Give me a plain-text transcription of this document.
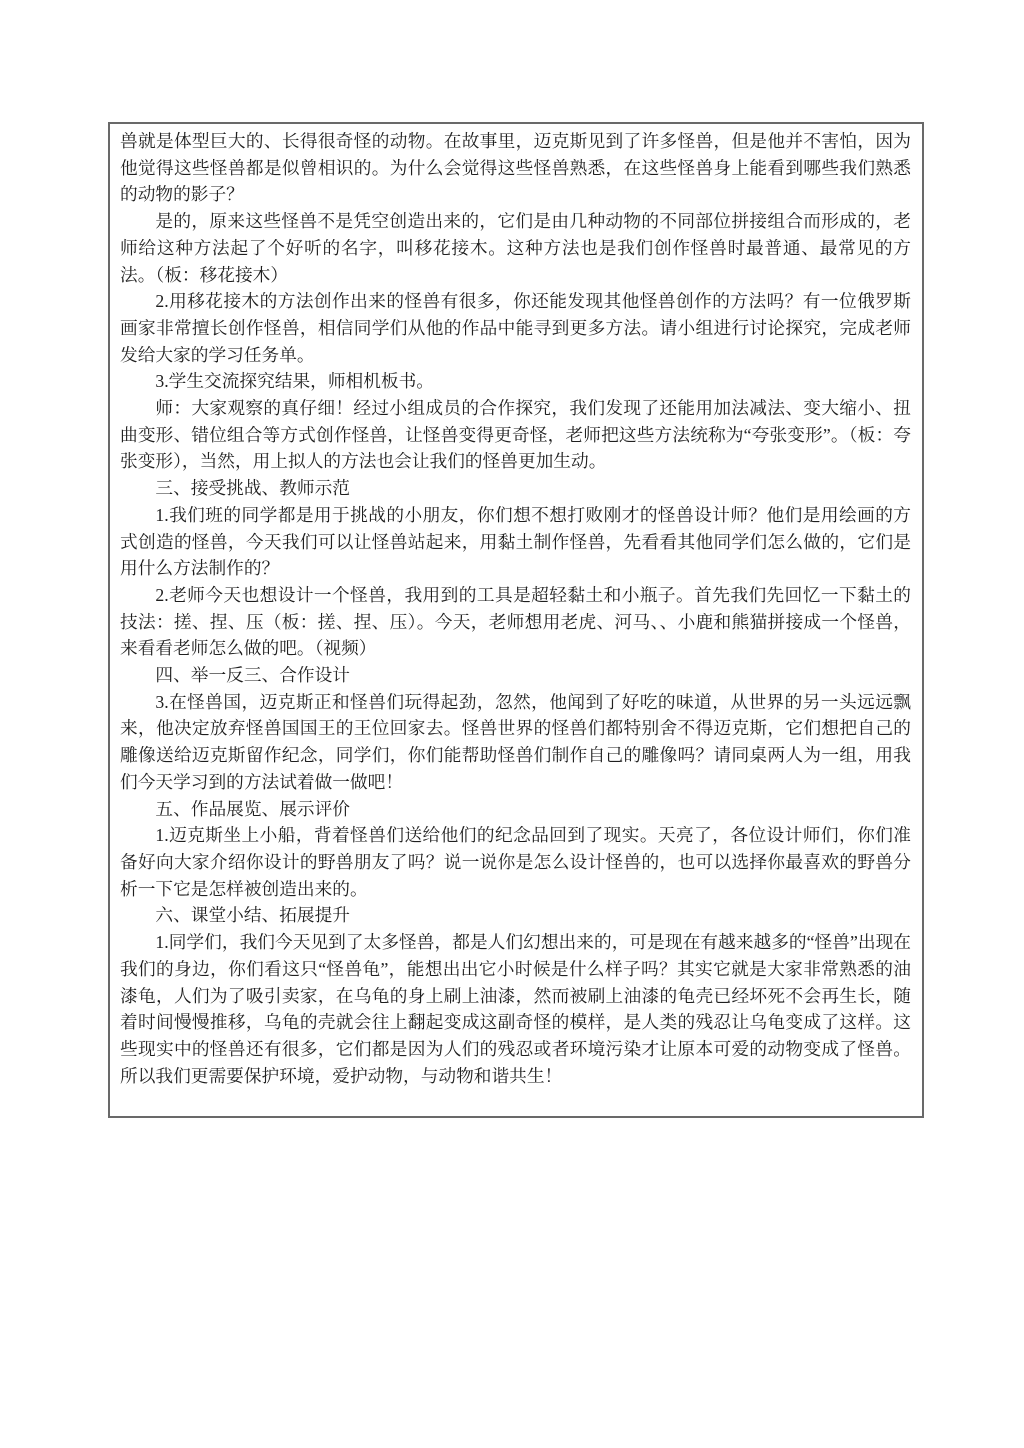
兽就是体型巨大的、长得很奇怪的动物。在故事里，迈克斯见到了许多怪兽，但是他并不害怕，因为他觉得这些怪兽都是似曾相识的。为什么会觉得这些怪兽熟悉，在这些怪兽身上能看到哪些我们熟悉的动物的影子？

是的，原来这些怪兽不是凭空创造出来的，它们是由几种动物的不同部位拼接组合而形成的，老师给这种方法起了个好听的名字，叫移花接木。这种方法也是我们创作怪兽时最普通、最常见的方法。（板：移花接木）

2.用移花接木的方法创作出来的怪兽有很多，你还能发现其他怪兽创作的方法吗？有一位俄罗斯画家非常擅长创作怪兽，相信同学们从他的作品中能寻到更多方法。请小组进行讨论探究，完成老师发给大家的学习任务单。

3.学生交流探究结果，师相机板书。

师：大家观察的真仔细！经过小组成员的合作探究，我们发现了还能用加法减法、变大缩小、扭曲变形、错位组合等方式创作怪兽，让怪兽变得更奇怪，老师把这些方法统称为“夸张变形”。（板：夸张变形），当然，用上拟人的方法也会让我们的怪兽更加生动。

三、接受挑战、教师示范

1.我们班的同学都是用于挑战的小朋友，你们想不想打败刚才的怪兽设计师？他们是用绘画的方式创造的怪兽，今天我们可以让怪兽站起来，用黏土制作怪兽，先看看其他同学们怎么做的，它们是用什么方法制作的？

2.老师今天也想设计一个怪兽，我用到的工具是超轻黏土和小瓶子。首先我们先回忆一下黏土的技法：搓、捏、压（板：搓、捏、压）。今天，老师想用老虎、河马、、小鹿和熊猫拼接成一个怪兽，来看看老师怎么做的吧。（视频）

四、举一反三、合作设计

3.在怪兽国，迈克斯正和怪兽们玩得起劲，忽然，他闻到了好吃的味道，从世界的另一头远远飘来，他决定放弃怪兽国国王的王位回家去。怪兽世界的怪兽们都特别舍不得迈克斯，它们想把自己的雕像送给迈克斯留作纪念，同学们，你们能帮助怪兽们制作自己的雕像吗？请同桌两人为一组，用我们今天学习到的方法试着做一做吧！

五、作品展览、展示评价

1.迈克斯坐上小船，背着怪兽们送给他们的纪念品回到了现实。天亮了，各位设计师们，你们准备好向大家介绍你设计的野兽朋友了吗？说一说你是怎么设计怪兽的，也可以选择你最喜欢的野兽分析一下它是怎样被创造出来的。

六、课堂小结、拓展提升

1.同学们，我们今天见到了太多怪兽，都是人们幻想出来的，可是现在有越来越多的“怪兽”出现在我们的身边，你们看这只“怪兽龟”，能想出出它小时候是什么样子吗？其实它就是大家非常熟悉的油漆龟，人们为了吸引卖家，在乌龟的身上刷上油漆，然而被刷上油漆的龟壳已经坏死不会再生长，随着时间慢慢推移，乌龟的壳就会往上翻起变成这副奇怪的模样，是人类的残忍让乌龟变成了这样。这些现实中的怪兽还有很多，它们都是因为人们的残忍或者环境污染才让原本可爱的动物变成了怪兽。所以我们更需要保护环境，爱护动物，与动物和谐共生！
